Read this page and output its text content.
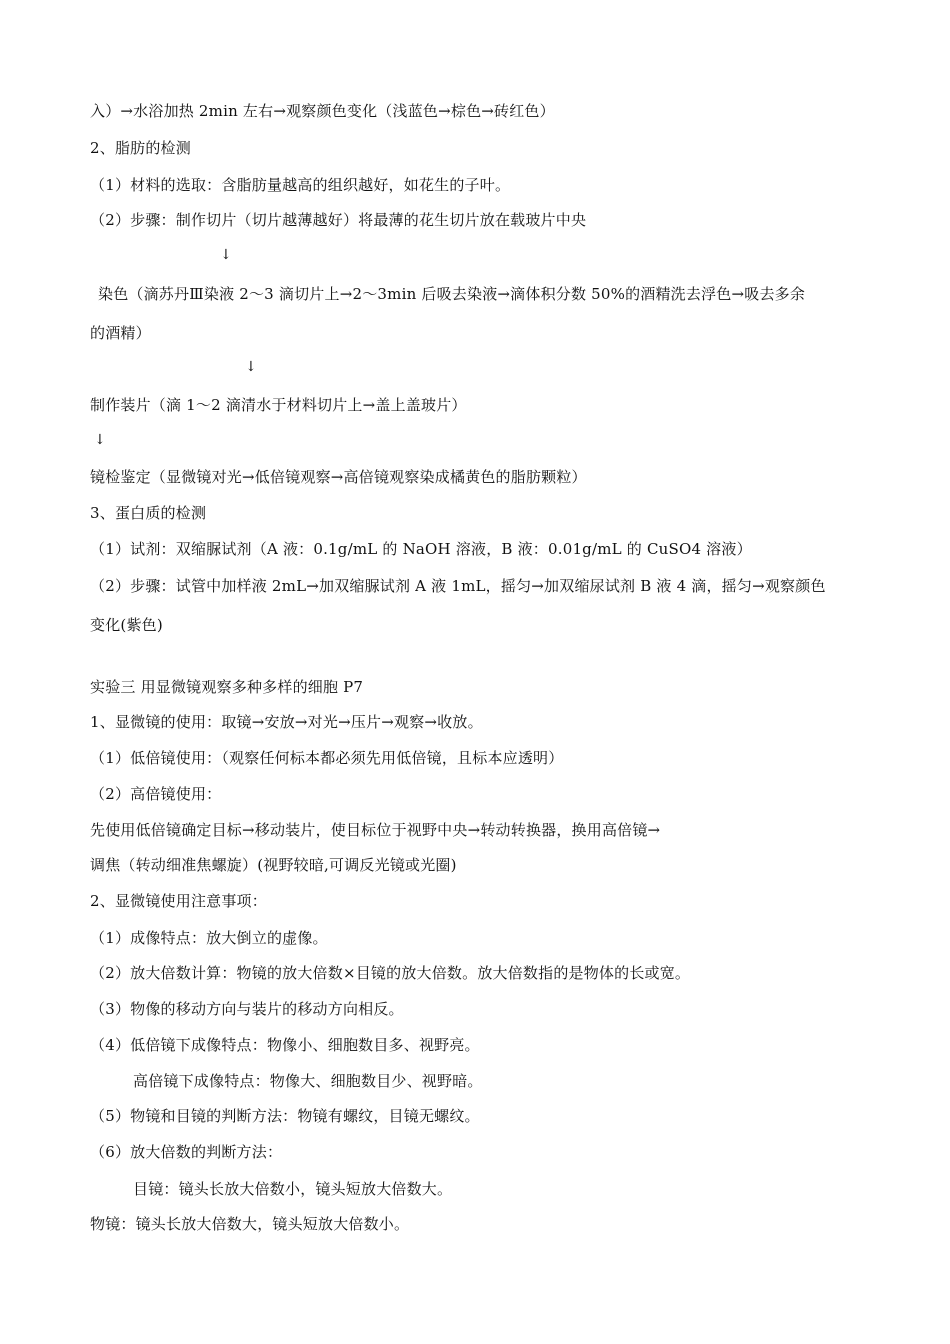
入）→水浴加热 2min 左右→观察颜色变化（浅蓝色→棕色→砖红色）
2、脂肪的检测
（1）材料的选取：含脂肪量越高的组织越好，如花生的子叶。
（2）步骤：制作切片（切片越薄越好）将最薄的花生切片放在载玻片中央
↓
染色（滴苏丹Ⅲ染液 2～3 滴切片上→2～3min 后吸去染液→滴体积分数 50%的酒精洗去浮色→吸去多余
的酒精）
↓
制作装片（滴 1～2 滴清水于材料切片上→盖上盖玻片）
↓
镜检鉴定（显微镜对光→低倍镜观察→高倍镜观察染成橘黄色的脂肪颗粒）
3、蛋白质的检测
（1）试剂：双缩脲试剂（A 液：0.1g/mL 的 NaOH 溶液，B 液：0.01g/mL 的 CuSO4 溶液）
（2）步骤：试管中加样液 2mL→加双缩脲试剂 A 液 1mL，摇匀→加双缩尿试剂 B 液 4 滴，摇匀→观察颜色
变化(紫色)
实验三 用显微镜观察多种多样的细胞 P7
1、显微镜的使用：取镜→安放→对光→压片→观察→收放。
（1）低倍镜使用：（观察任何标本都必须先用低倍镜，且标本应透明）
（2）高倍镜使用：
先使用低倍镜确定目标→移动装片，使目标位于视野中央→转动转换器，换用高倍镜→
调焦（转动细准焦螺旋）(视野较暗,可调反光镜或光圈)
2、显微镜使用注意事项：
（1）成像特点：放大倒立的虚像。
（2）放大倍数计算：物镜的放大倍数×目镜的放大倍数。放大倍数指的是物体的长或宽。
（3）物像的移动方向与装片的移动方向相反。
（4）低倍镜下成像特点：物像小、细胞数目多、视野亮。
高倍镜下成像特点：物像大、细胞数目少、视野暗。
（5）物镜和目镜的判断方法：物镜有螺纹，目镜无螺纹。
（6）放大倍数的判断方法：
目镜：镜头长放大倍数小，镜头短放大倍数大。
物镜：镜头长放大倍数大，镜头短放大倍数小。
